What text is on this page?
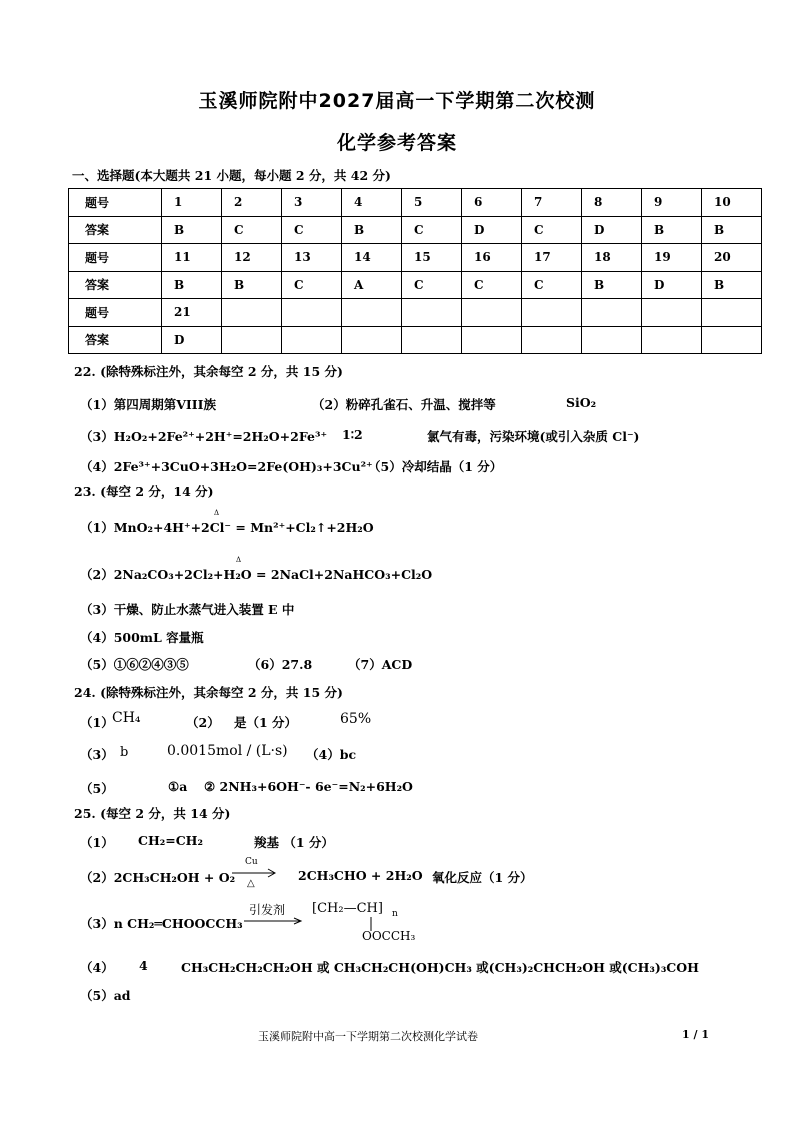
玉溪师院附中2027届高一下学期第二次校测
化学参考答案
一、选择题(本大题共 21 小题，每小题 2 分，共 42 分)
题号	1	2	3	4	5	6	7	8	9	10
答案	B	C	C	B	C	D	C	D	B	B
题号	11	12	13	14	15	16	17	18	19	20
答案	B	B	C	A	C	C	C	B	D	B
题号	21									
答案	D									
22. (除特殊标注外，其余每空 2 分，共 15 分)
（1）第四周期第VIII族	（2）粉碎孔雀石、升温、搅拌等	SiO₂
（3）H₂O₂+2Fe²⁺+2H⁺=2H₂O+2Fe³⁺ 1∶2	氯气有毒，污染环境(或引入杂质 Cl⁻)
（4）2Fe³⁺+3CuO+3H₂O=2Fe(OH)₃+3Cu²⁺
（5）冷却结晶（1 分）
23. (每空 2 分，14 分)
Δ
（1）MnO₂+4H⁺+2Cl⁻ = Mn²⁺+Cl₂↑+2H₂O
Δ
（2）2Na₂CO₃+2Cl₂+H₂O = 2NaCl+2NaHCO₃+Cl₂O
（3）干燥、防止水蒸气进入装置 E 中
（4）500mL 容量瓶
（5）①⑥②④③⑤	（6）27.8	（7）ACD
24. (除特殊标注外，其余每空 2 分，共 15 分)
（1）
CH₄	（2） 是（1 分）	65%
（3） b	0.0015mol / (L·s) （4）bc
（5）	①a ② 2NH₃+6OH⁻- 6e⁻=N₂+6H₂O
25. (每空 2 分，共 14 分)
（1） CH₂=CH₂	羧基 （1 分）
（2）2CH₃CH₂OH + O₂
Cu
△
2CH₃CHO + 2H₂O 氧化反应（1 分）
（3）n CH₂═CHOOCCH₃
引发剂 [CH₂—CH] n
OOCCH₃
（4） 4	CH₃CH₂CH₂CH₂OH 或 CH₃CH₂CH(OH)CH₃ 或(CH₃)₂CHCH₂OH 或(CH₃)₃COH
（5）ad
玉溪师院附中高一下学期第二次校测化学试卷	1 / 1
